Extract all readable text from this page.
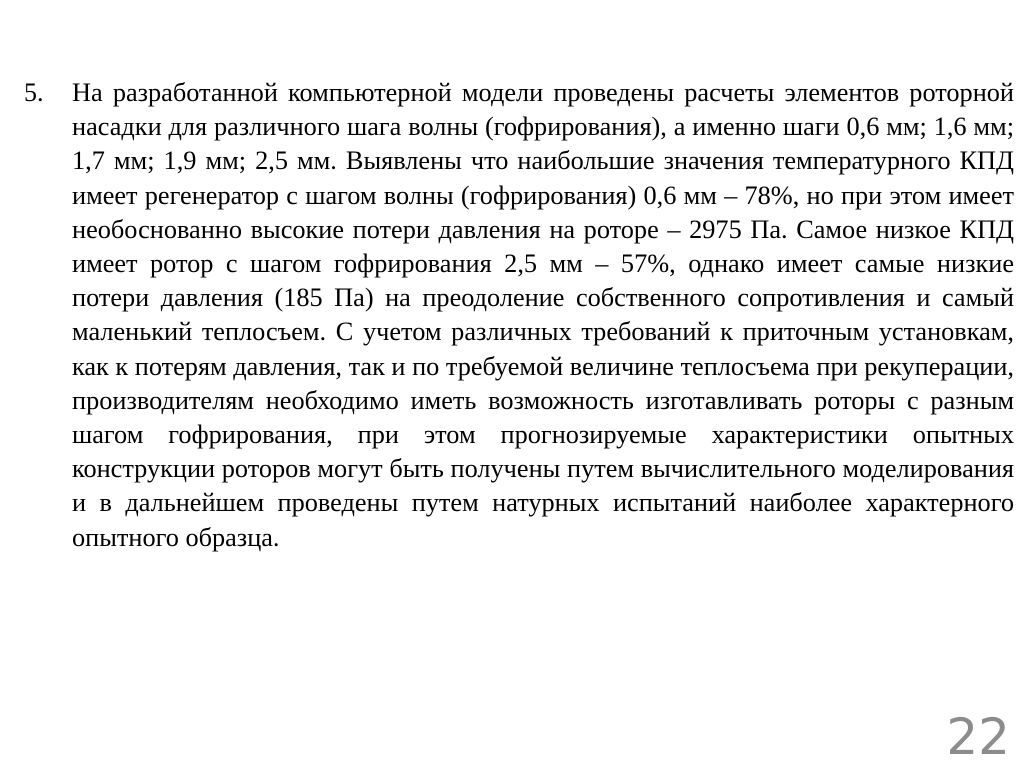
5. На разработанной компьютерной модели проведены расчеты элементов роторной насадки для различного шага волны (гофрирования), а именно шаги 0,6 мм; 1,6 мм; 1,7 мм; 1,9 мм; 2,5 мм. Выявлены что наибольшие значения температурного КПД имеет регенератор с шагом волны (гофрирования) 0,6 мм – 78%, но при этом имеет необоснованно высокие потери давления на роторе – 2975 Па. Самое низкое КПД имеет ротор с шагом гофрирования 2,5 мм – 57%, однако имеет самые низкие потери давления (185 Па) на преодоление собственного сопротивления и самый маленький теплосъем. С учетом различных требований к приточным установкам, как к потерям давления, так и по требуемой величине теплосъема при рекуперации, производителям необходимо иметь возможность изготавливать роторы с разным шагом гофрирования, при этом прогнозируемые характеристики опытных конструкции роторов могут быть получены путем вычислительного моделирования и в дальнейшем проведены путем натурных испытаний наиболее характерного опытного образца.
22
